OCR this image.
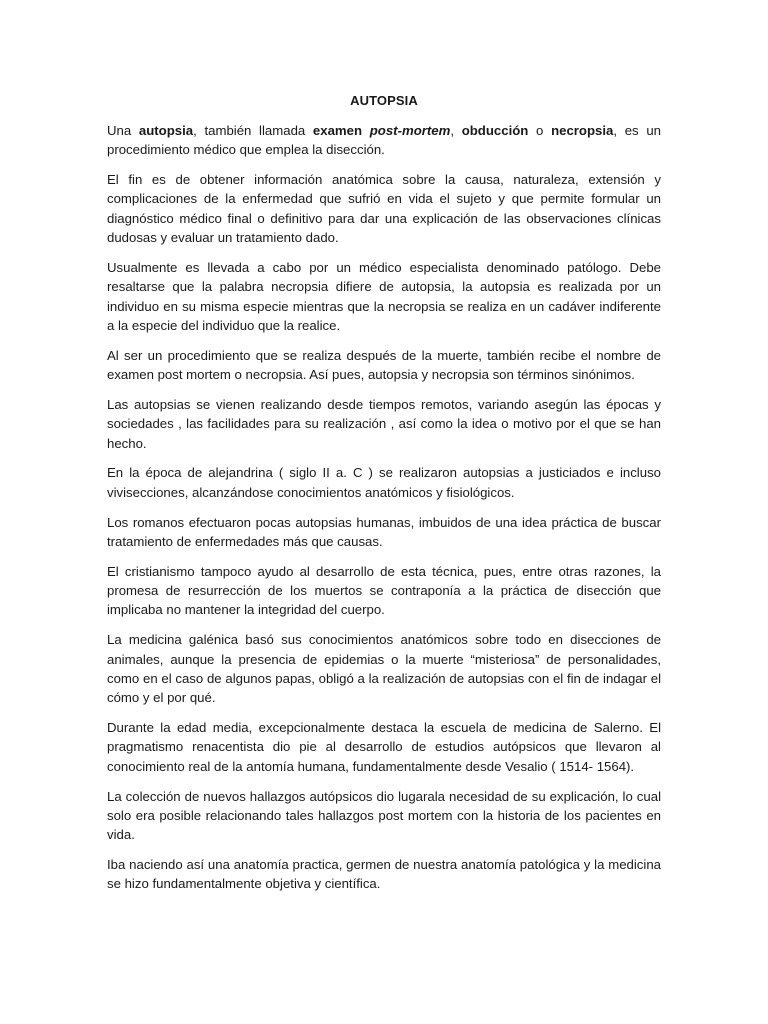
AUTOPSIA

Una autopsia, también llamada examen post-mortem, obducción o necropsia, es un procedimiento médico que emplea la disección.

El fin es de obtener información anatómica sobre la causa, naturaleza, extensión y complicaciones de la enfermedad que sufrió en vida el sujeto y que permite formular un diagnóstico médico final o definitivo para dar una explicación de las observaciones clínicas dudosas y evaluar un tratamiento dado.

Usualmente es llevada a cabo por un médico especialista denominado patólogo. Debe resaltarse que la palabra necropsia difiere de autopsia, la autopsia es realizada por un individuo en su misma especie mientras que la necropsia se realiza en un cadáver indiferente a la especie del individuo que la realice.

Al ser un procedimiento que se realiza después de la muerte, también recibe el nombre de examen post mortem o necropsia. Así pues, autopsia y necropsia son términos sinónimos.

Las autopsias se vienen realizando desde tiempos remotos, variando asegún las épocas y sociedades , las facilidades para su realización , así como la idea o motivo por el que se han hecho.

En la época de alejandrina ( siglo II a. C ) se realizaron autopsias a justiciados e incluso vivisecciones, alcanzándose conocimientos anatómicos y fisiológicos.

Los romanos efectuaron pocas autopsias humanas, imbuidos de una idea práctica de buscar tratamiento de enfermedades más que causas.

El cristianismo tampoco ayudo al desarrollo de esta técnica, pues, entre otras razones, la promesa de resurrección de los muertos se contraponía a la práctica de disección que implicaba no mantener la integridad del cuerpo.

La medicina galénica basó sus conocimientos anatómicos sobre todo en disecciones de animales, aunque la presencia de epidemias o la muerte “misteriosa” de personalidades, como en el caso de algunos papas, obligó a la realización de autopsias con el fin de indagar el cómo y el por qué.

Durante la edad media, excepcionalmente destaca la escuela de medicina de Salerno. El pragmatismo renacentista dio pie al desarrollo de estudios autópsicos que llevaron al conocimiento real de la antomía humana, fundamentalmente desde Vesalio ( 1514- 1564).

La colección de nuevos hallazgos autópsicos dio lugarala necesidad de su explicación, lo cual solo era posible relacionando tales hallazgos post mortem con la historia de los pacientes en vida.

Iba naciendo así una anatomía practica, germen de nuestra anatomía patológica y la medicina se hizo fundamentalmente objetiva y científica.
